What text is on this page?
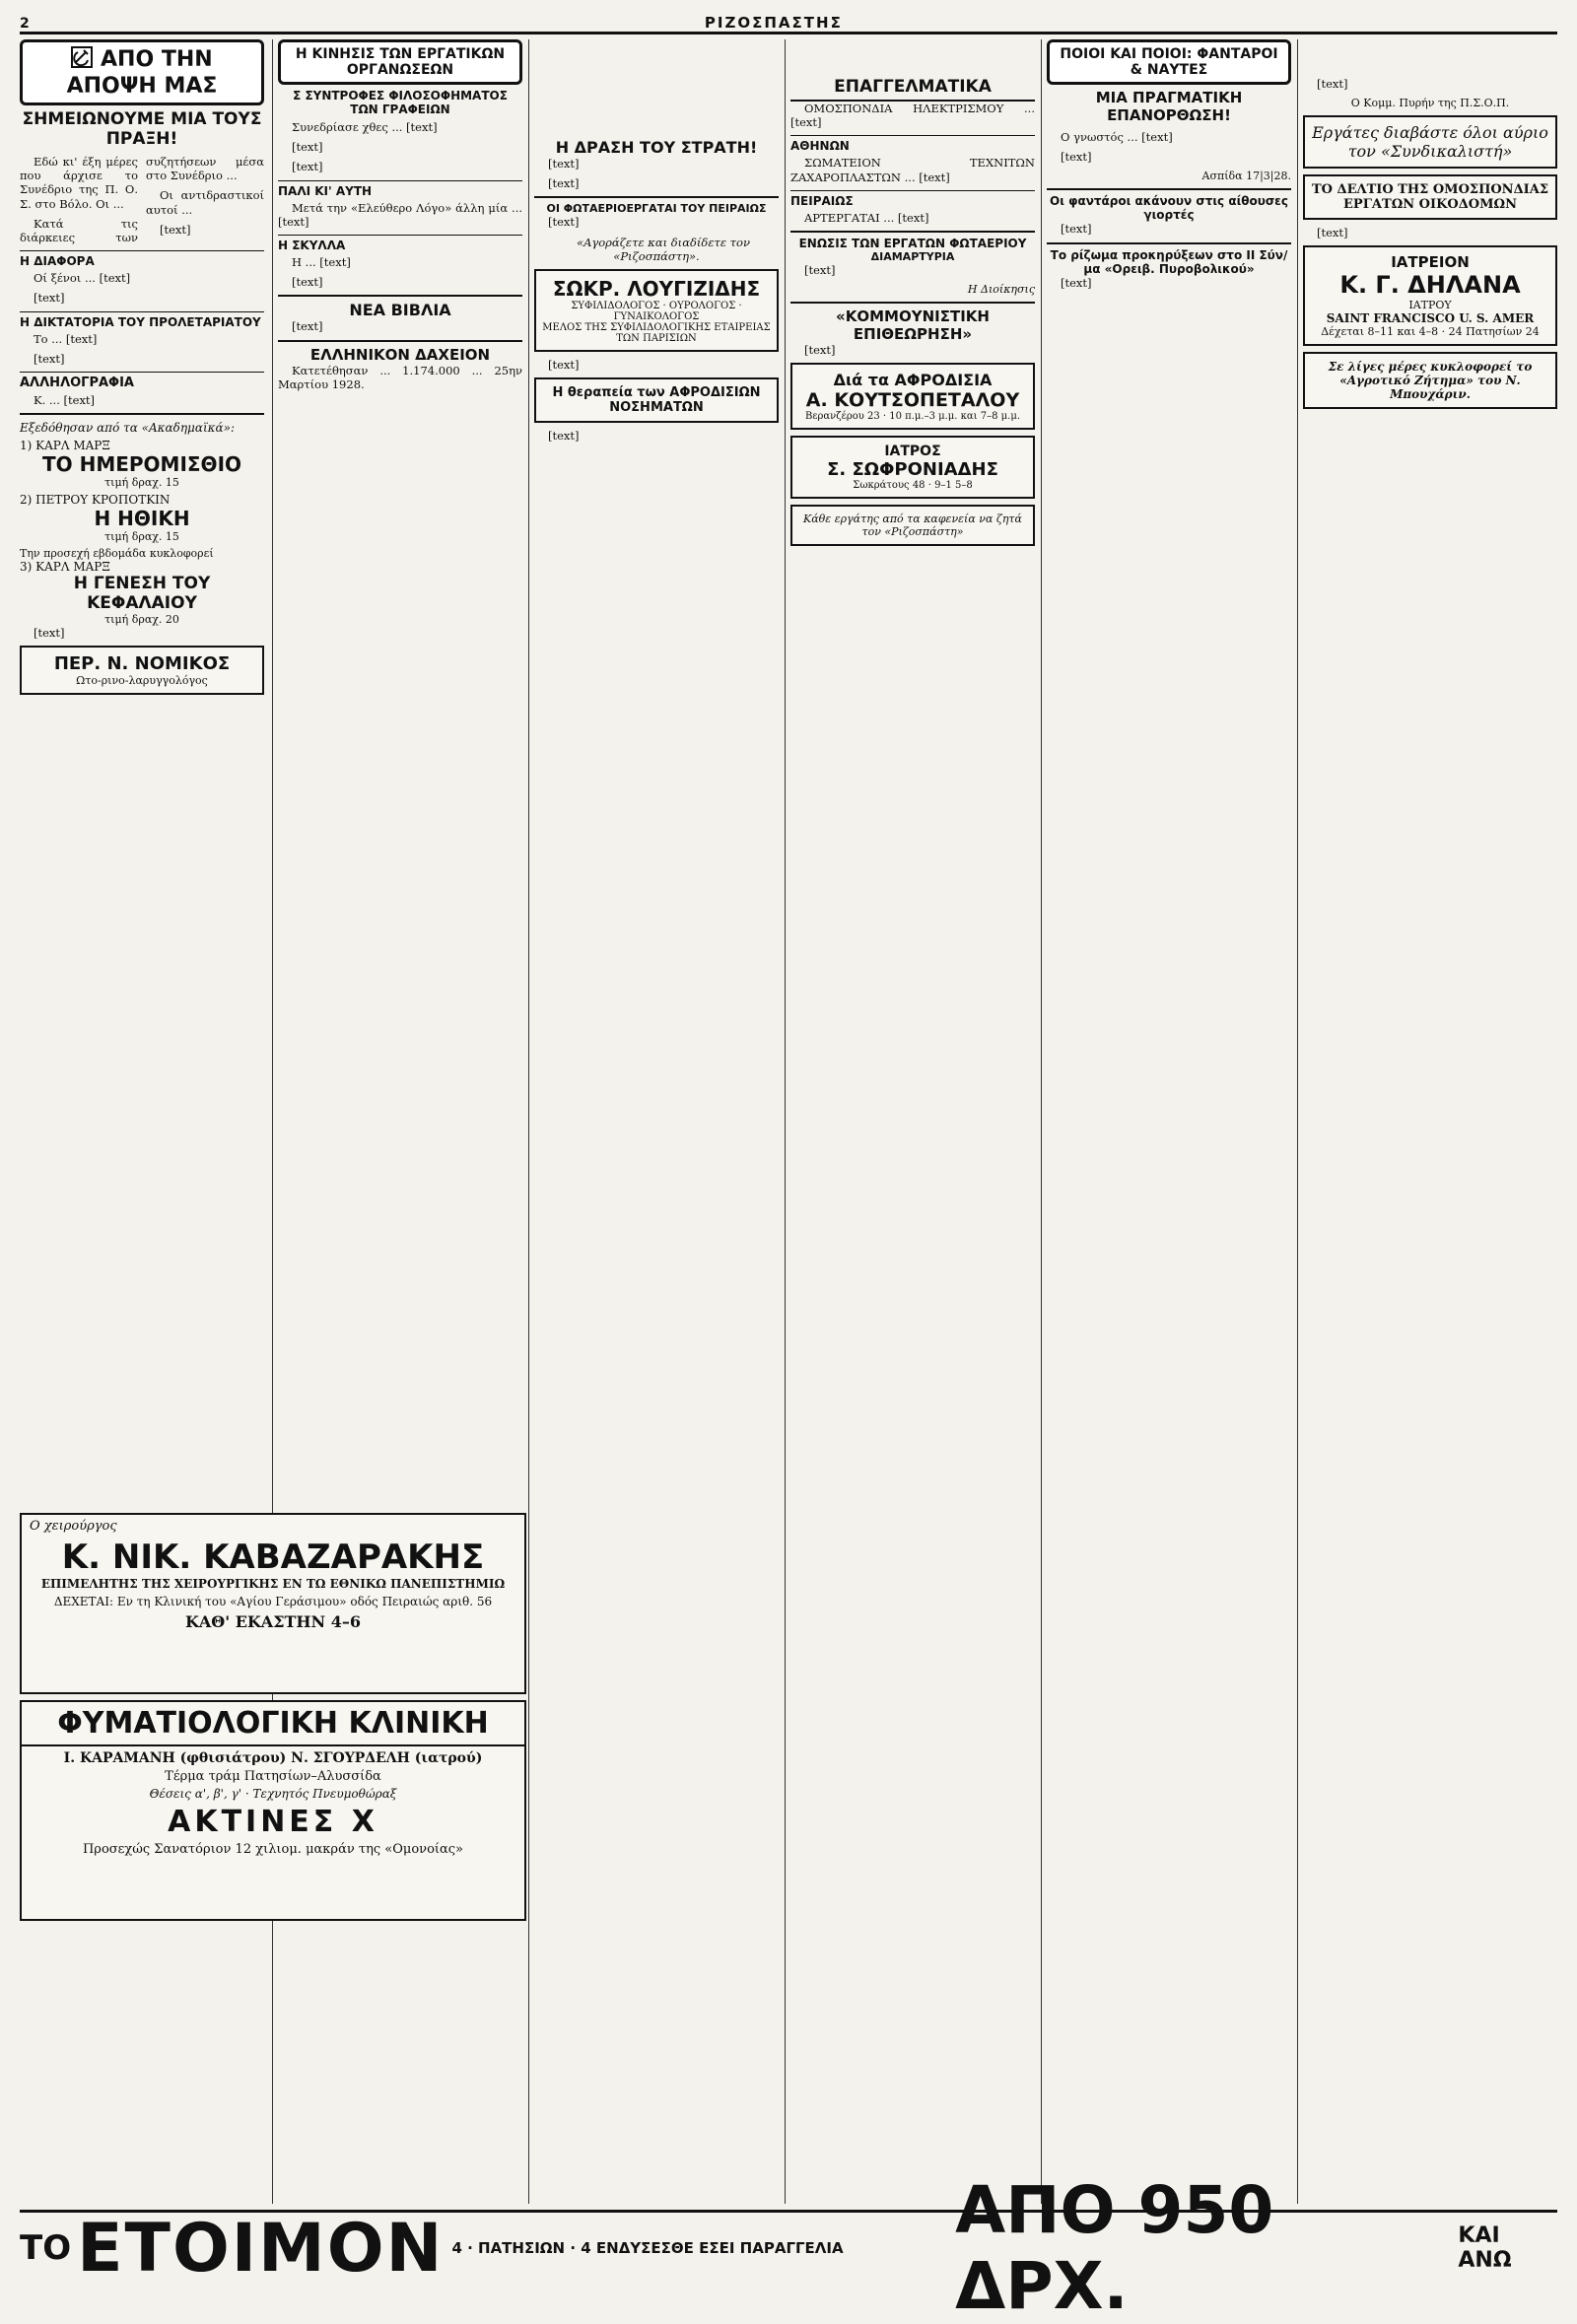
2	ΡΙΖΟΣΠΑΣΤΗΣ
ΑΠΟ ΤΗΝ ΑΠΟΨΗ ΜΑΣ
ΣΗΜΕΙΩΝΟΥΜΕ ΜΙΑ ΤΟΥΣ ΠΡΑΞΗ!

Εδώ κι' έξη μέρες που άρχισε το Συνέδριο της Π. Ο. Σ. στο Βόλο. Οι ...

Κατά τις διάρκειες των συζητήσεων μέσα στο Συνέδριο ...

Οι αντιδραστικοί αυτοί ...

[text]

Η ΔΙΑΦΟΡΑ

Οί ξένοι ... [text]

[text]

Η ΔΙΚΤΑΤΟΡΙΑ ΤΟΥ ΠΡΟΛΕΤΑΡΙΑΤΟΥ

Το ... [text]

[text]

ΑΛΛΗΛΟΓΡΑΦΙΑ

Κ. ... [text]

Εξεδόθησαν από τα «Ακαδημαϊκά»:
1) ΚΑΡΛ ΜΑΡΞ
ΤΟ ΗΜΕΡΟΜΙΣΘΙΟ
τιμή δραχ. 15
2) ΠΕΤΡΟΥ ΚΡΟΠΟΤΚΙΝ
Η ΗΘΙΚΗ
τιμή δραχ. 15
Την προσεχή εβδομάδα κυκλοφορεί
3) ΚΑΡΛ ΜΑΡΞ
Η ΓΕΝΕΣΗ ΤΟΥ ΚΕΦΑΛΑΙΟΥ
τιμή δραχ. 20

[text]

ΠΕΡ. Ν. ΝΟΜΙΚΟΣ
Ωτο-ρινο-λαρυγγολόγος
Η ΚΙΝΗΣΙΣ ΤΩΝ ΕΡΓΑΤΙΚΩΝ ΟΡΓΑΝΩΣΕΩΝ
Σ ΣΥΝΤΡΟΦΕΣ ΦΙΛΟΣΟΦΗΜΑΤΟΣ ΤΩΝ ΓΡΑΦΕΙΩΝ

Συνεδρίασε χθες ... [text]

[text]

[text]

ΠΑΛΙ ΚΙ' ΑΥΤΗ

Μετά την «Ελεύθερο Λόγο» άλλη μία ... [text]

Η ΣΚΥΛΛΑ

Η ... [text]

[text]

ΝΕΑ ΒΙΒΛΙΑ

[text]

ΕΛΛΗΝΙΚΟΝ ΔΑΧΕΙΟΝ

Κατετέθησαν ... 1.174.000 ... 25ην Μαρτίου 1928.

Η ΔΡΑΣΗ ΤΟΥ ΣΤΡΑΤΗ!

[text]

[text]

ΟΙ ΦΩΤΑΕΡΙΟΕΡΓΑΤΑΙ ΤΟΥ ΠΕΙΡΑΙΩΣ

[text]

«Αγοράζετε και διαδίδετε τον «Ριζοσπάστη».

ΣΩΚΡ. ΛΟΥΓΙΖΙΔΗΣ
ΣΥΦΙΛΙΔΟΛΟΓΟΣ · ΟΥΡΟΛΟΓΟΣ · ΓΥΝΑΙΚΟΛΟΓΟΣ
ΜΕΛΟΣ ΤΗΣ ΣΥΦΙΛΙΔΟΛΟΓΙΚΗΣ ΕΤΑΙΡΕΙΑΣ ΤΩΝ ΠΑΡΙΣΙΩΝ

[text]

Η θεραπεία των ΑΦΡΟΔΙΣΙΩΝ ΝΟΣΗΜΑΤΩΝ

[text]

ΕΠΑΓΓΕΛΜΑΤΙΚΑ

ΟΜΟΣΠΟΝΔΙΑ ΗΛΕΚΤΡΙΣΜΟΥ ... [text]

ΑΘΗΝΩΝ

ΣΩΜΑΤΕΙΟΝ ΤΕΧΝΙΤΩΝ ΖΑΧΑΡΟΠΛΑΣΤΩΝ ... [text]

ΠΕΙΡΑΙΩΣ

ΑΡΤΕΡΓΑΤΑΙ ... [text]

ΕΝΩΣΙΣ ΤΩΝ ΕΡΓΑΤΩΝ ΦΩΤΑΕΡΙΟΥ
ΔΙΑΜΑΡΤΥΡΙΑ

[text]

Η Διοίκησις
«ΚΟΜΜΟΥΝΙΣΤΙΚΗ ΕΠΙΘΕΩΡΗΣΗ»

[text]

Διά τα ΑΦΡΟΔΙΣΙΑ
Α. ΚΟΥΤΣΟΠΕΤΑΛΟΥ
Βερανζέρου 23 · 10 π.μ.–3 μ.μ. και 7–8 μ.μ.
ΙΑΤΡΟΣ
Σ. ΣΩΦΡΟΝΙΑΔΗΣ
Σωκράτους 48 · 9–1 5–8
Κάθε εργάτης από τα καφενεία να ζητά τον «Ριζοσπάστη»
ΠΟΙΟΙ ΚΑΙ ΠΟΙΟΙ: ΦΑΝΤΑΡΟΙ & ΝΑΥΤΕΣ
ΜΙΑ ΠΡΑΓΜΑΤΙΚΗ ΕΠΑΝΟΡΘΩΣΗ!

Ο γνωστός ... [text]

[text]

Ασπίδα 17|3|28.
Οι φαντάροι ακάνουν στις αίθουσες γιορτές

[text]

Το ρίζωμα προκηρύξεων στο ΙΙ Σύν/μα «Ορειβ. Πυροβολικού»

[text]

[text]

Ο Κομμ. Πυρήν της Π.Σ.Ο.Π.
Εργάτες διαβάστε όλοι αύριο τον «Συνδικαλιστή»
ΤΟ ΔΕΛΤΙΟ ΤΗΣ ΟΜΟΣΠΟΝΔΙΑΣ ΕΡΓΑΤΩΝ ΟΙΚΟΔΟΜΩΝ

[text]

ΙΑΤΡΕΙΟΝ
Κ. Γ. ΔΗΛΑΝΑ
ΙΑΤΡΟΥ
SAINT FRANCISCO U. S. AMER
Δέχεται 8–11 και 4–8 · 24 Πατησίων 24
Σε λίγες μέρες κυκλοφορεί το «Αγροτικό Ζήτημα» του Ν. Μπουχάριν.
Ο χειρούργος
Κ. ΝΙΚ. ΚΑΒΑΖΑΡΑΚΗΣ
ΕΠΙΜΕΛΗΤΗΣ ΤΗΣ ΧΕΙΡΟΥΡΓΙΚΗΣ ΕΝ ΤΩ ΕΘΝΙΚΩ ΠΑΝΕΠΙΣΤΗΜΙΩ
ΔΕΧΕΤΑΙ: Εν τη Κλινική του «Αγίου Γεράσιμου» οδός Πειραιώς αριθ. 56
ΚΑΘ' ΕΚΑΣΤΗΝ 4–6
ΦΥΜΑΤΙΟΛΟΓΙΚΗ ΚΛΙΝΙΚΗ
Ι. ΚΑΡΑΜΑΝΗ (φθισιάτρου) Ν. ΣΓΟΥΡΔΕΛΗ (ιατρού)
Τέρμα τράμ Πατησίων–Αλυσσίδα
Θέσεις α', β', γ' · Τεχνητός Πνευμοθώραξ
ΑΚΤΙΝΕΣ Χ
Προσεχώς Σανατόριον 12 χιλιομ. μακράν της «Ομονοίας»
ΤΟ ΕΤΟΙΜΟΝ 4 · ΠΑΤΗΣΙΩΝ · 4 ΕΝΔΥΣΕΣΘΕ ΕΣΕΙ ΠΑΡΑΓΓΕΛΙΑ	ΑΠΟ 950 ΔΡΧ.
ΚΑΙ ΑΝΩ
